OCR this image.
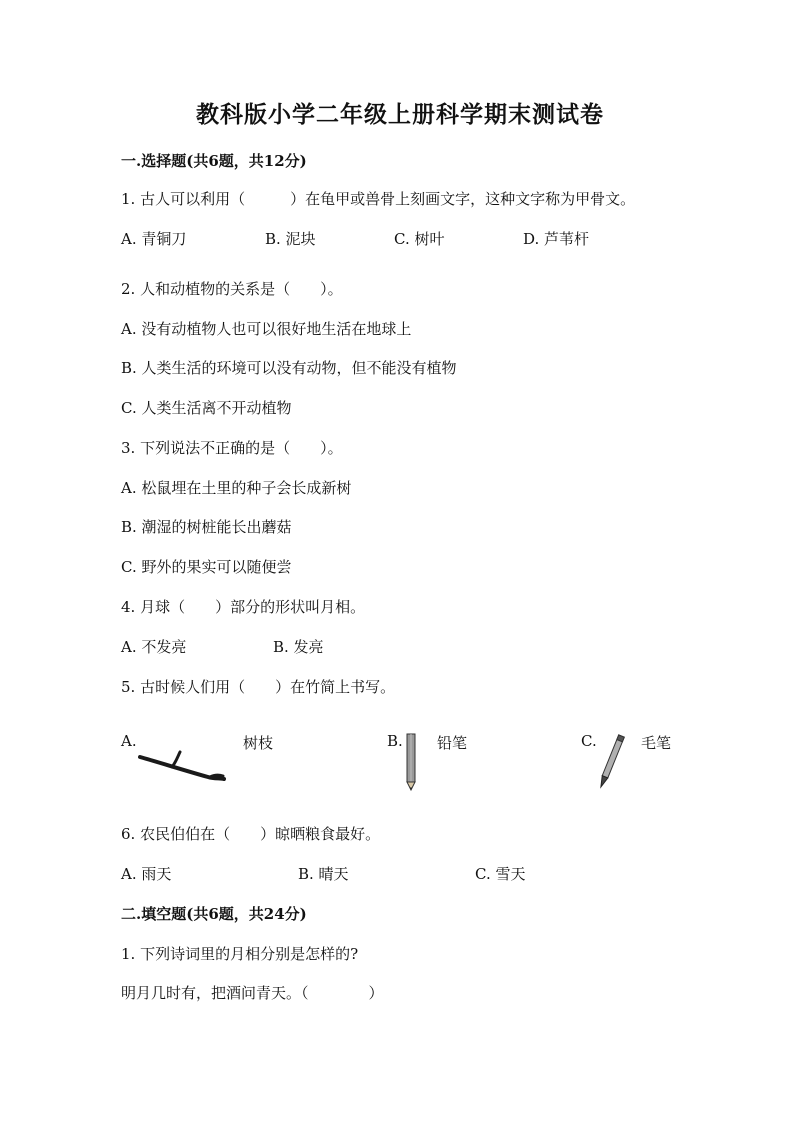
教科版小学二年级上册科学期末测试卷
一.选择题(共6题，共12分)
1. 古人可以利用（　　　）在龟甲或兽骨上刻画文字，这种文字称为甲骨文。
A. 青铜刀	B. 泥块	C. 树叶	D. 芦苇杆
2. 人和动植物的关系是（　　）。
A. 没有动植物人也可以很好地生活在地球上
B. 人类生活的环境可以没有动物，但不能没有植物
C. 人类生活离不开动植物
3. 下列说法不正确的是（　　）。
A. 松鼠埋在土里的种子会长成新树
B. 潮湿的树桩能长出蘑菇
C. 野外的果实可以随便尝
4. 月球（　　）部分的形状叫月相。
A. 不发亮	B. 发亮
5. 古时候人们用（　　）在竹简上书写。
A.	树枝	B. 铅笔	C.	毛笔
6. 农民伯伯在（　　）晾晒粮食最好。
A. 雨天	B. 晴天	C. 雪天
二.填空题(共6题，共24分)
1. 下列诗词里的月相分别是怎样的?
明月几时有，把酒问青天。（　　　　）
